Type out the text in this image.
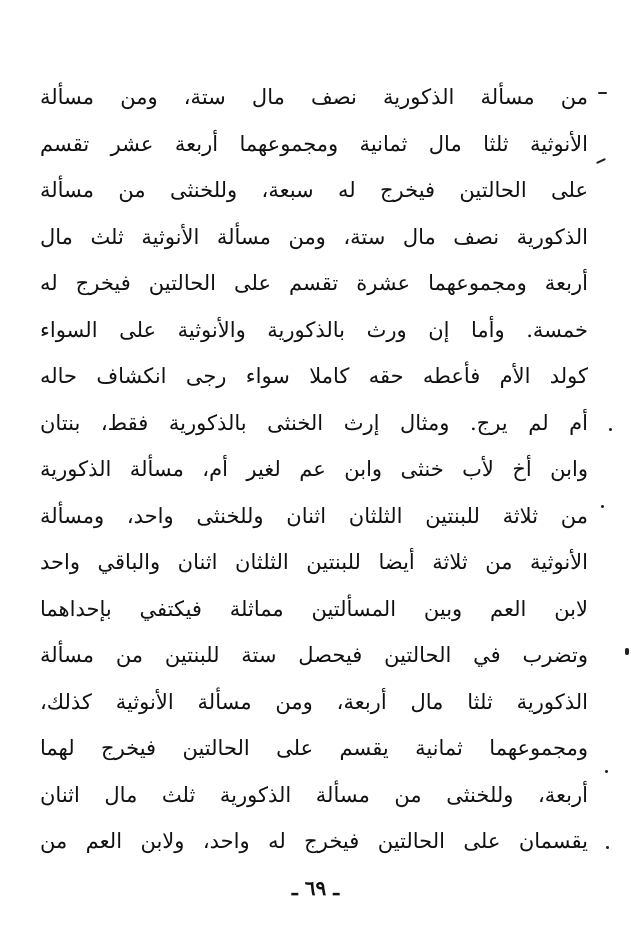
من مسألة الذكورية نصف مال ستة، ومن مسألة
الأنوثية ثلثا مال ثمانية ومجموعهما أربعة عشر تقسم
على الحالتين فيخرج له سبعة، وللخنثى من مسألة
الذكورية نصف مال ستة، ومن مسألة الأنوثية ثلث مال
أربعة ومجموعهما عشرة تقسم على الحالتين فيخرج له
خمسة. وأما إن ورث بالذكورية والأنوثية على السواء
كولد الأم فأعطه حقه كاملا سواء رجى انكشاف حاله
أم لم يرج. ومثال إرث الخنثى بالذكورية فقط، بنتان
وابن أخ لأب خنثى وابن عم لغير أم، مسألة الذكورية
من ثلاثة للبنتين الثلثان اثنان وللخنثى واحد، ومسألة
الأنوثية من ثلاثة أيضا للبنتين الثلثان اثنان والباقي واحد
لابن العم وبين المسألتين مماثلة فيكتفي بإحداهما
وتضرب في الحالتين فيحصل ستة للبنتين من مسألة
الذكورية ثلثا مال أربعة، ومن مسألة الأنوثية كذلك،
ومجموعهما ثمانية يقسم على الحالتين فيخرج لهما
أربعة، وللخنثى من مسألة الذكورية ثلث مال اثنان
يقسمان على الحالتين فيخرج له واحد، ولابن العم من
ـ ٦٩ ـ
